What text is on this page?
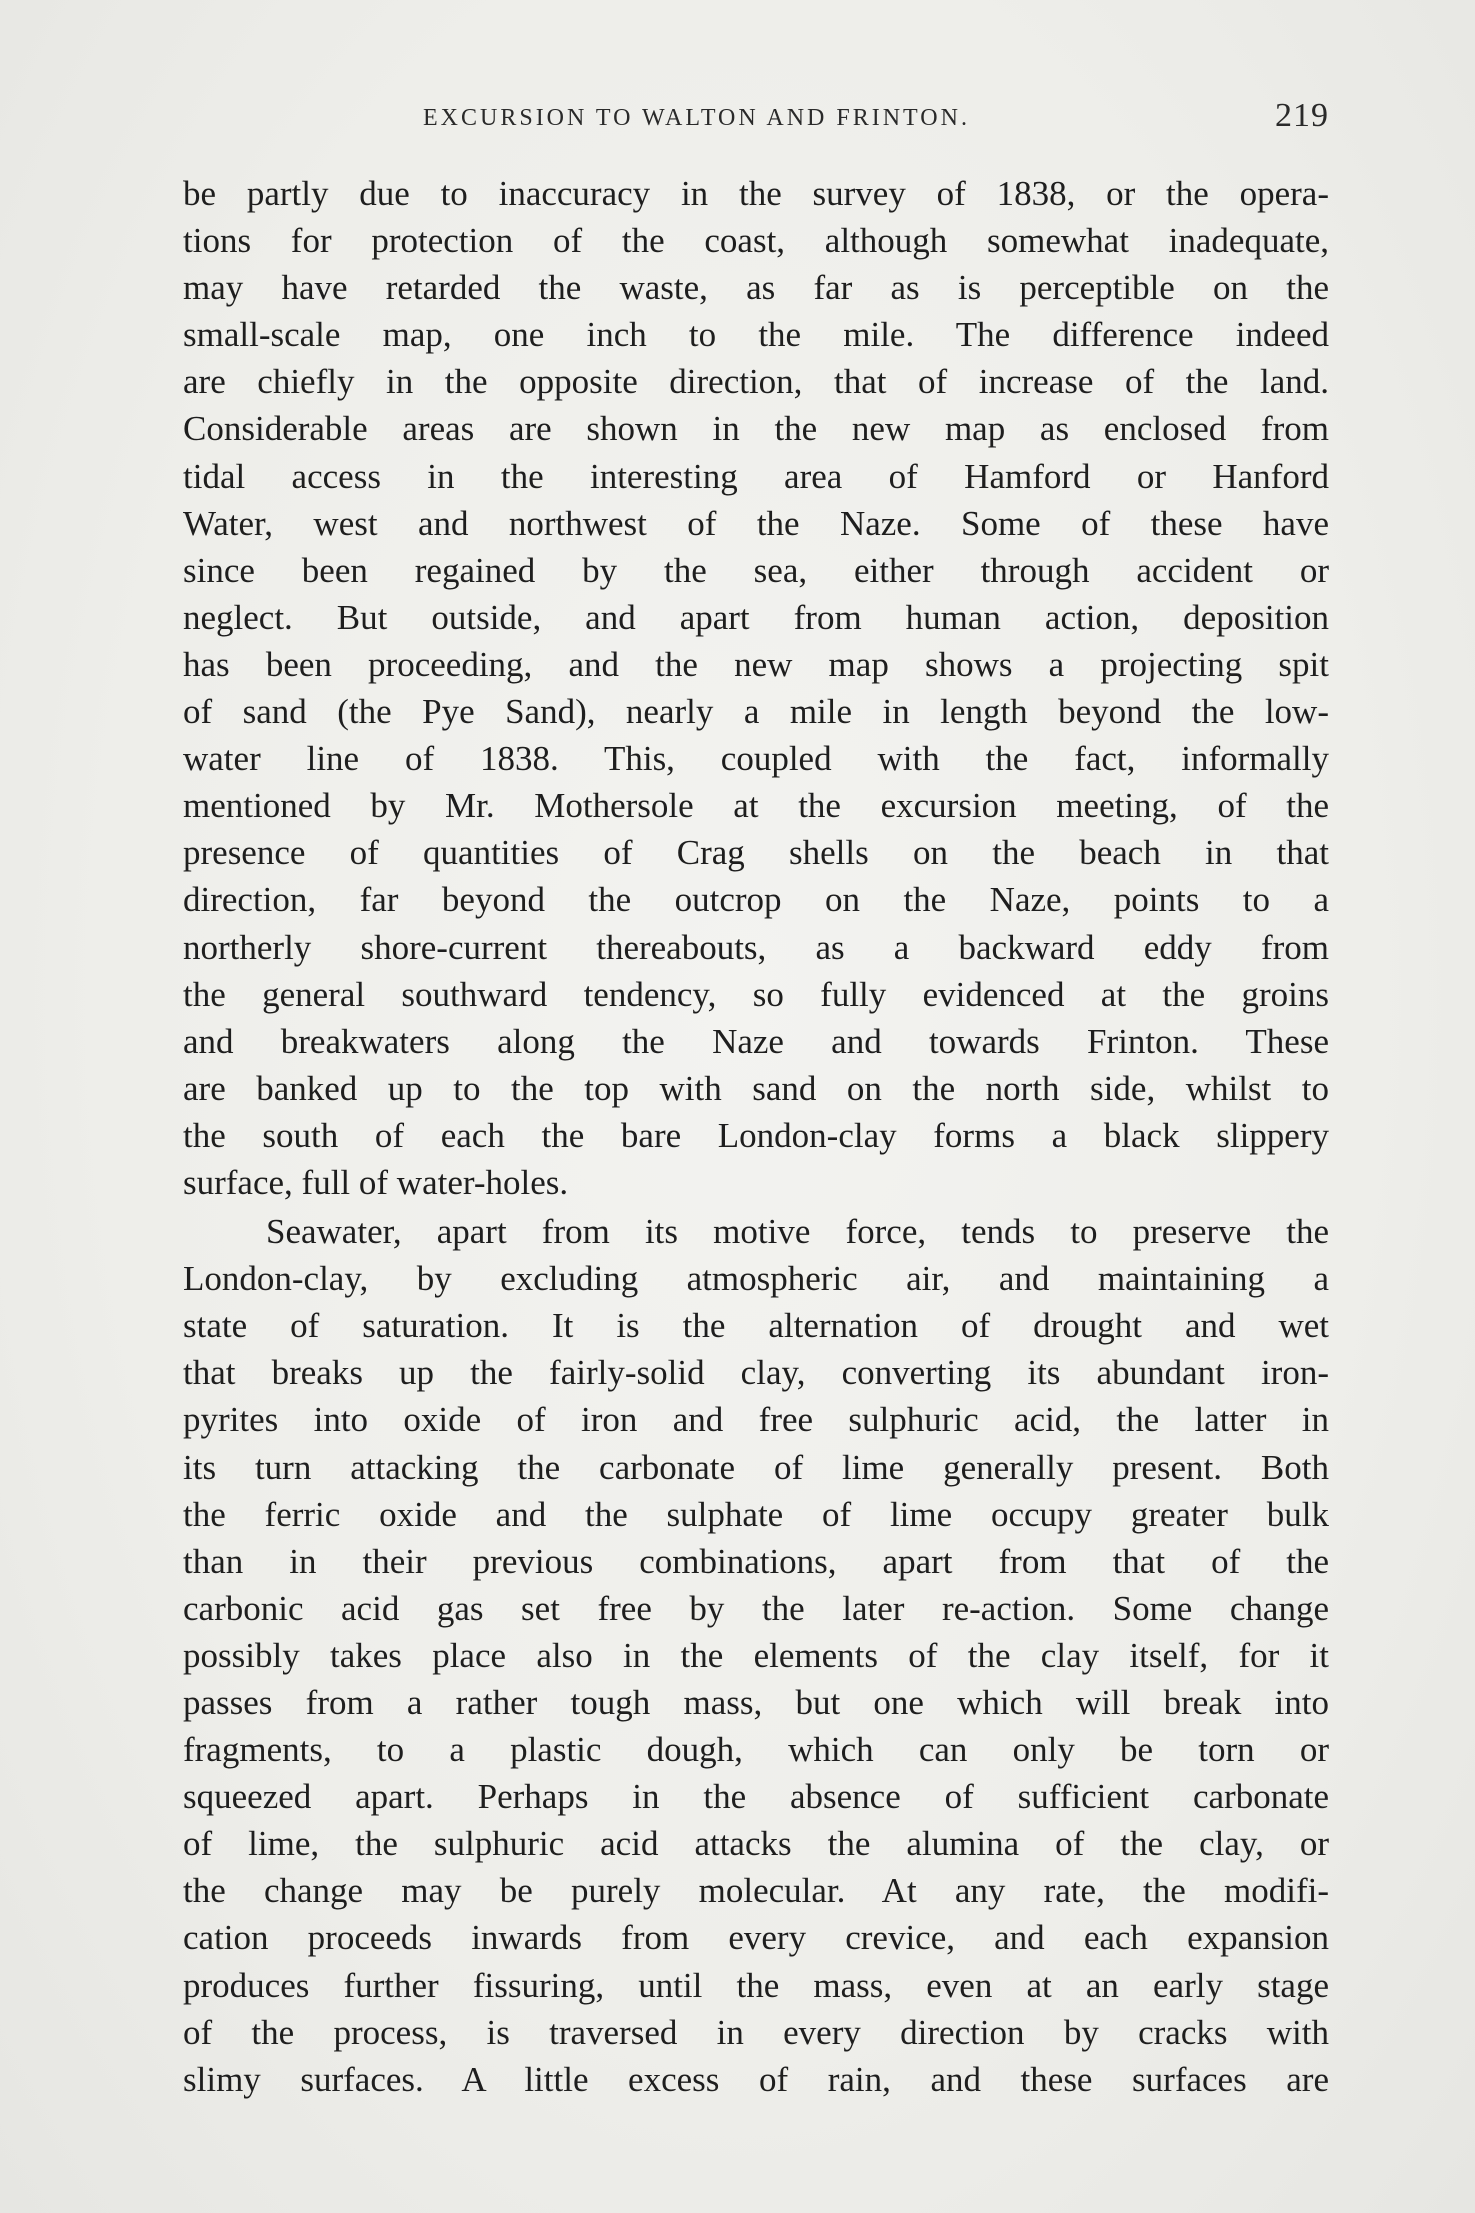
EXCURSION TO WALTON AND FRINTON.	219
be partly due to inaccuracy in the survey of 1838, or the opera-
tions for protection of the coast, although somewhat inadequate,
may have retarded the waste, as far as is perceptible on the
small-scale map, one inch to the mile. The difference indeed
are chiefly in the opposite direction, that of increase of the land.
Considerable areas are shown in the new map as enclosed from
tidal access in the interesting area of Hamford or Hanford
Water, west and northwest of the Naze. Some of these have
since been regained by the sea, either through accident or
neglect. But outside, and apart from human action, deposition
has been proceeding, and the new map shows a projecting spit
of sand (the Pye Sand), nearly a mile in length beyond the low-
water line of 1838. This, coupled with the fact, informally
mentioned by Mr. Mothersole at the excursion meeting, of the
presence of quantities of Crag shells on the beach in that
direction, far beyond the outcrop on the Naze, points to a
northerly shore-current thereabouts, as a backward eddy from
the general southward tendency, so fully evidenced at the groins
and breakwaters along the Naze and towards Frinton. These
are banked up to the top with sand on the north side, whilst to
the south of each the bare London-clay forms a black slippery
surface, full of water-holes.
Seawater, apart from its motive force, tends to preserve the
London-clay, by excluding atmospheric air, and maintaining a
state of saturation. It is the alternation of drought and wet
that breaks up the fairly-solid clay, converting its abundant iron-
pyrites into oxide of iron and free sulphuric acid, the latter in
its turn attacking the carbonate of lime generally present. Both
the ferric oxide and the sulphate of lime occupy greater bulk
than in their previous combinations, apart from that of the
carbonic acid gas set free by the later re-action. Some change
possibly takes place also in the elements of the clay itself, for it
passes from a rather tough mass, but one which will break into
fragments, to a plastic dough, which can only be torn or
squeezed apart. Perhaps in the absence of sufficient carbonate
of lime, the sulphuric acid attacks the alumina of the clay, or
the change may be purely molecular. At any rate, the modifi-
cation proceeds inwards from every crevice, and each expansion
produces further fissuring, until the mass, even at an early stage
of the process, is traversed in every direction by cracks with
slimy surfaces. A little excess of rain, and these surfaces are
